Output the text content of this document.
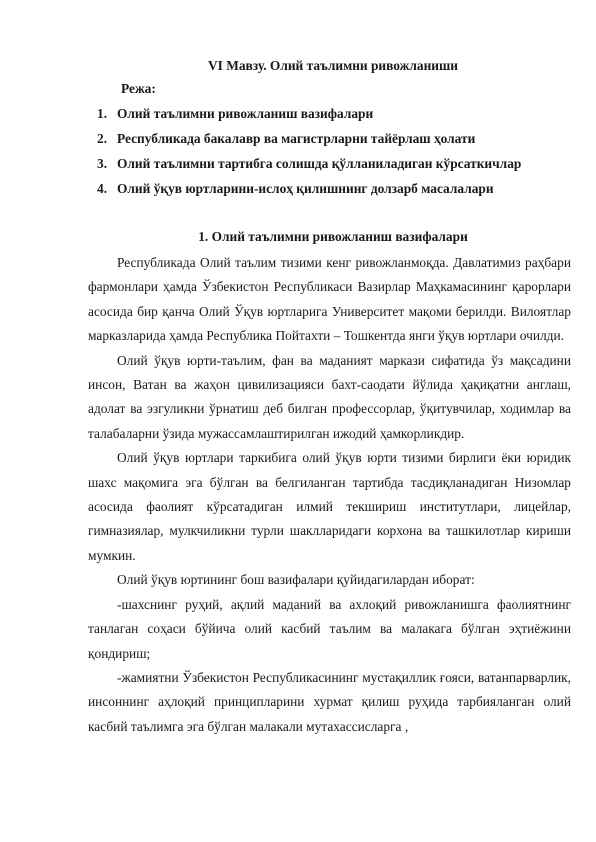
VI Мавзу. Олий таълимни ривожланиши
Режа:
1. Олий таълимни ривожланиш вазифалари
2. Республикада бакалавр ва магистрларни тайёрлаш ҳолати
3. Олий таълимни тартибга солишда қўлланиладиган кўрсаткичлар
4. Олий ўқув юртларини-ислоҳ қилишнинг долзарб масалалари
1. Олий таълимни ривожланиш вазифалари

Республикада Олий таълим тизими кенг ривожланмоқда. Давлатимиз раҳбари фармонлари ҳамда Ўзбекистон Республикаси Вазирлар Маҳкамасининг қарорлари асосида бир қанча Олий Ўқув юртларига Университет мақоми берилди. Вилоятлар марказларида ҳамда Республика Пойтахти – Тошкентда янги ўқув юртлари очилди.

Олий ўқув юрти-таълим, фан ва маданият маркази сифатида ўз мақсадини инсон, Ватан ва жаҳон цивилизацияси бахт-саодати йўлида ҳақиқатни англаш, адолат ва эзгуликни ўрнатиш деб билган профессорлар, ўқитувчилар, ходимлар ва талабаларни ўзида мужассамлаштирилган ижодий ҳамкорликдир.

Олий ўқув юртлари таркибига олий ўқув юрти тизими бирлиги ёки юридик шахс мақомига эга бўлган ва белгиланган тартибда тасдиқланадиган Низомлар асосида фаолият кўрсатадиган илмий текшириш институтлари, лицейлар, гимназиялар, мулкчиликни турли шаклларидаги корхона ва ташкилотлар кириши мумкин.

Олий ўқув юртининг бош вазифалари қуйидагилардан иборат:

-шахснинг руҳий, ақлий маданий ва ахлоқий ривожланишга фаолиятнинг танлаган соҳаси бўйича олий касбий таълим ва малакага бўлган эҳтиёжини қондириш;

-жамиятни Ўзбекистон Республикасининг мустақиллик ғояси, ватанпарварлик, инсоннинг аҳлоқий принципларини хурмат қилиш руҳида тарбияланган олий касбий таълимга эга бўлган малакали мутахассисларга ,
